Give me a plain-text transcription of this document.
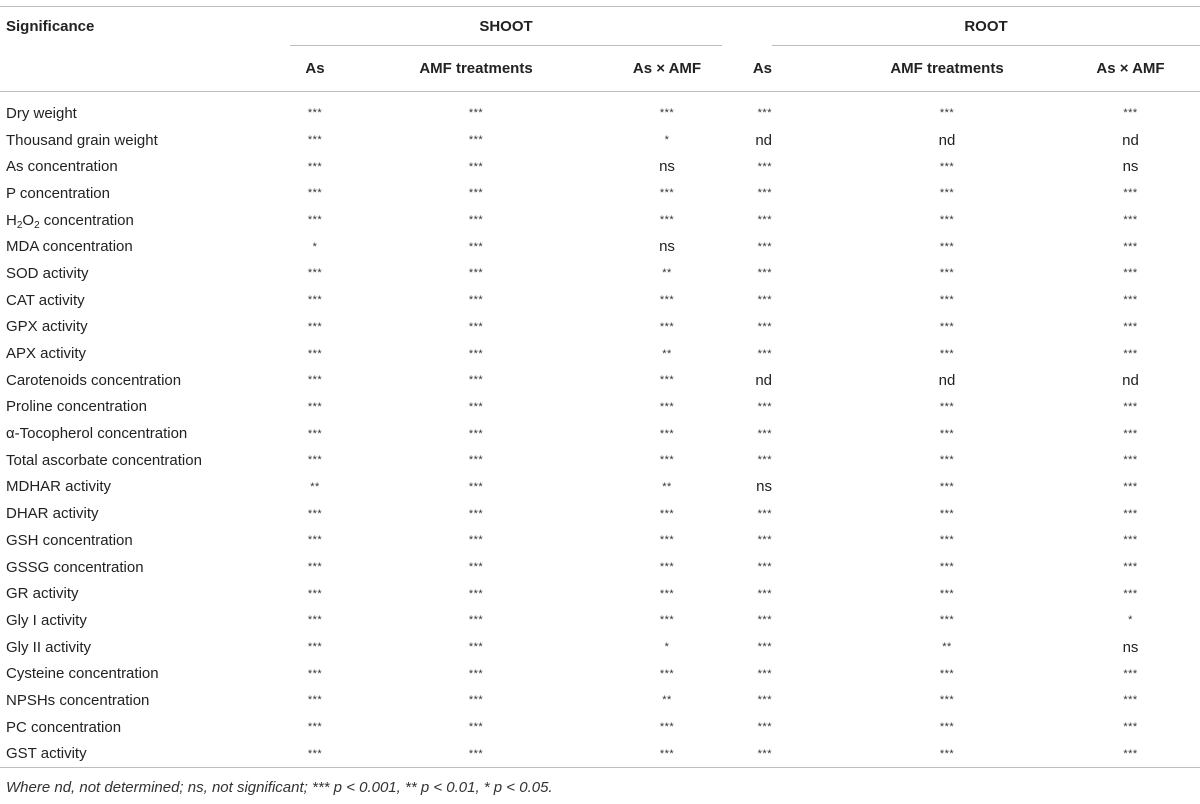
Significance	SHOOT				ROOT		

	As	AMF treatments	As × AMF	As		AMF treatments	As × AMF

Dry weight	***	***	***	***		***	***
Thousand grain weight	***	***	*	nd		nd	nd
As concentration	***	***	ns	***		***	ns
P concentration	***	***	***	***		***	***
$H_2O_2$ concentration	***	***	***	***		***	***
MDA concentration	*	***	ns	***		***	***
SOD activity	***	***	**	***		***	***
CAT activity	***	***	***	***		***	***
GPX activity	***	***	***	***		***	***
APX activity	***	***	**	***		***	***
Carotenoids concentration	***	***	***	nd		nd	nd
Proline concentration	***	***	***	***		***	***
α-Tocopherol concentration	***	***	***	***		***	***
Total ascorbate concentration	***	***	***	***		***	***
MDHAR activity	**	***	**	ns		***	***
DHAR activity	***	***	***	***		***	***
GSH concentration	***	***	***	***		***	***
GSSG concentration	***	***	***	***		***	***
GR activity	***	***	***	***		***	***
Gly I activity	***	***	***	***		***	*
Gly II activity	***	***	*	***		**	ns
Cysteine concentration	***	***	***	***		***	***
NPSHs concentration	***	***	**	***		***	***
PC concentration	***	***	***	***		***	***
GST activity	***	***	***	***		***	***

Where nd, not determined; ns, not significant; *** p < 0.001, ** p < 0.01, * p < 0.05.
